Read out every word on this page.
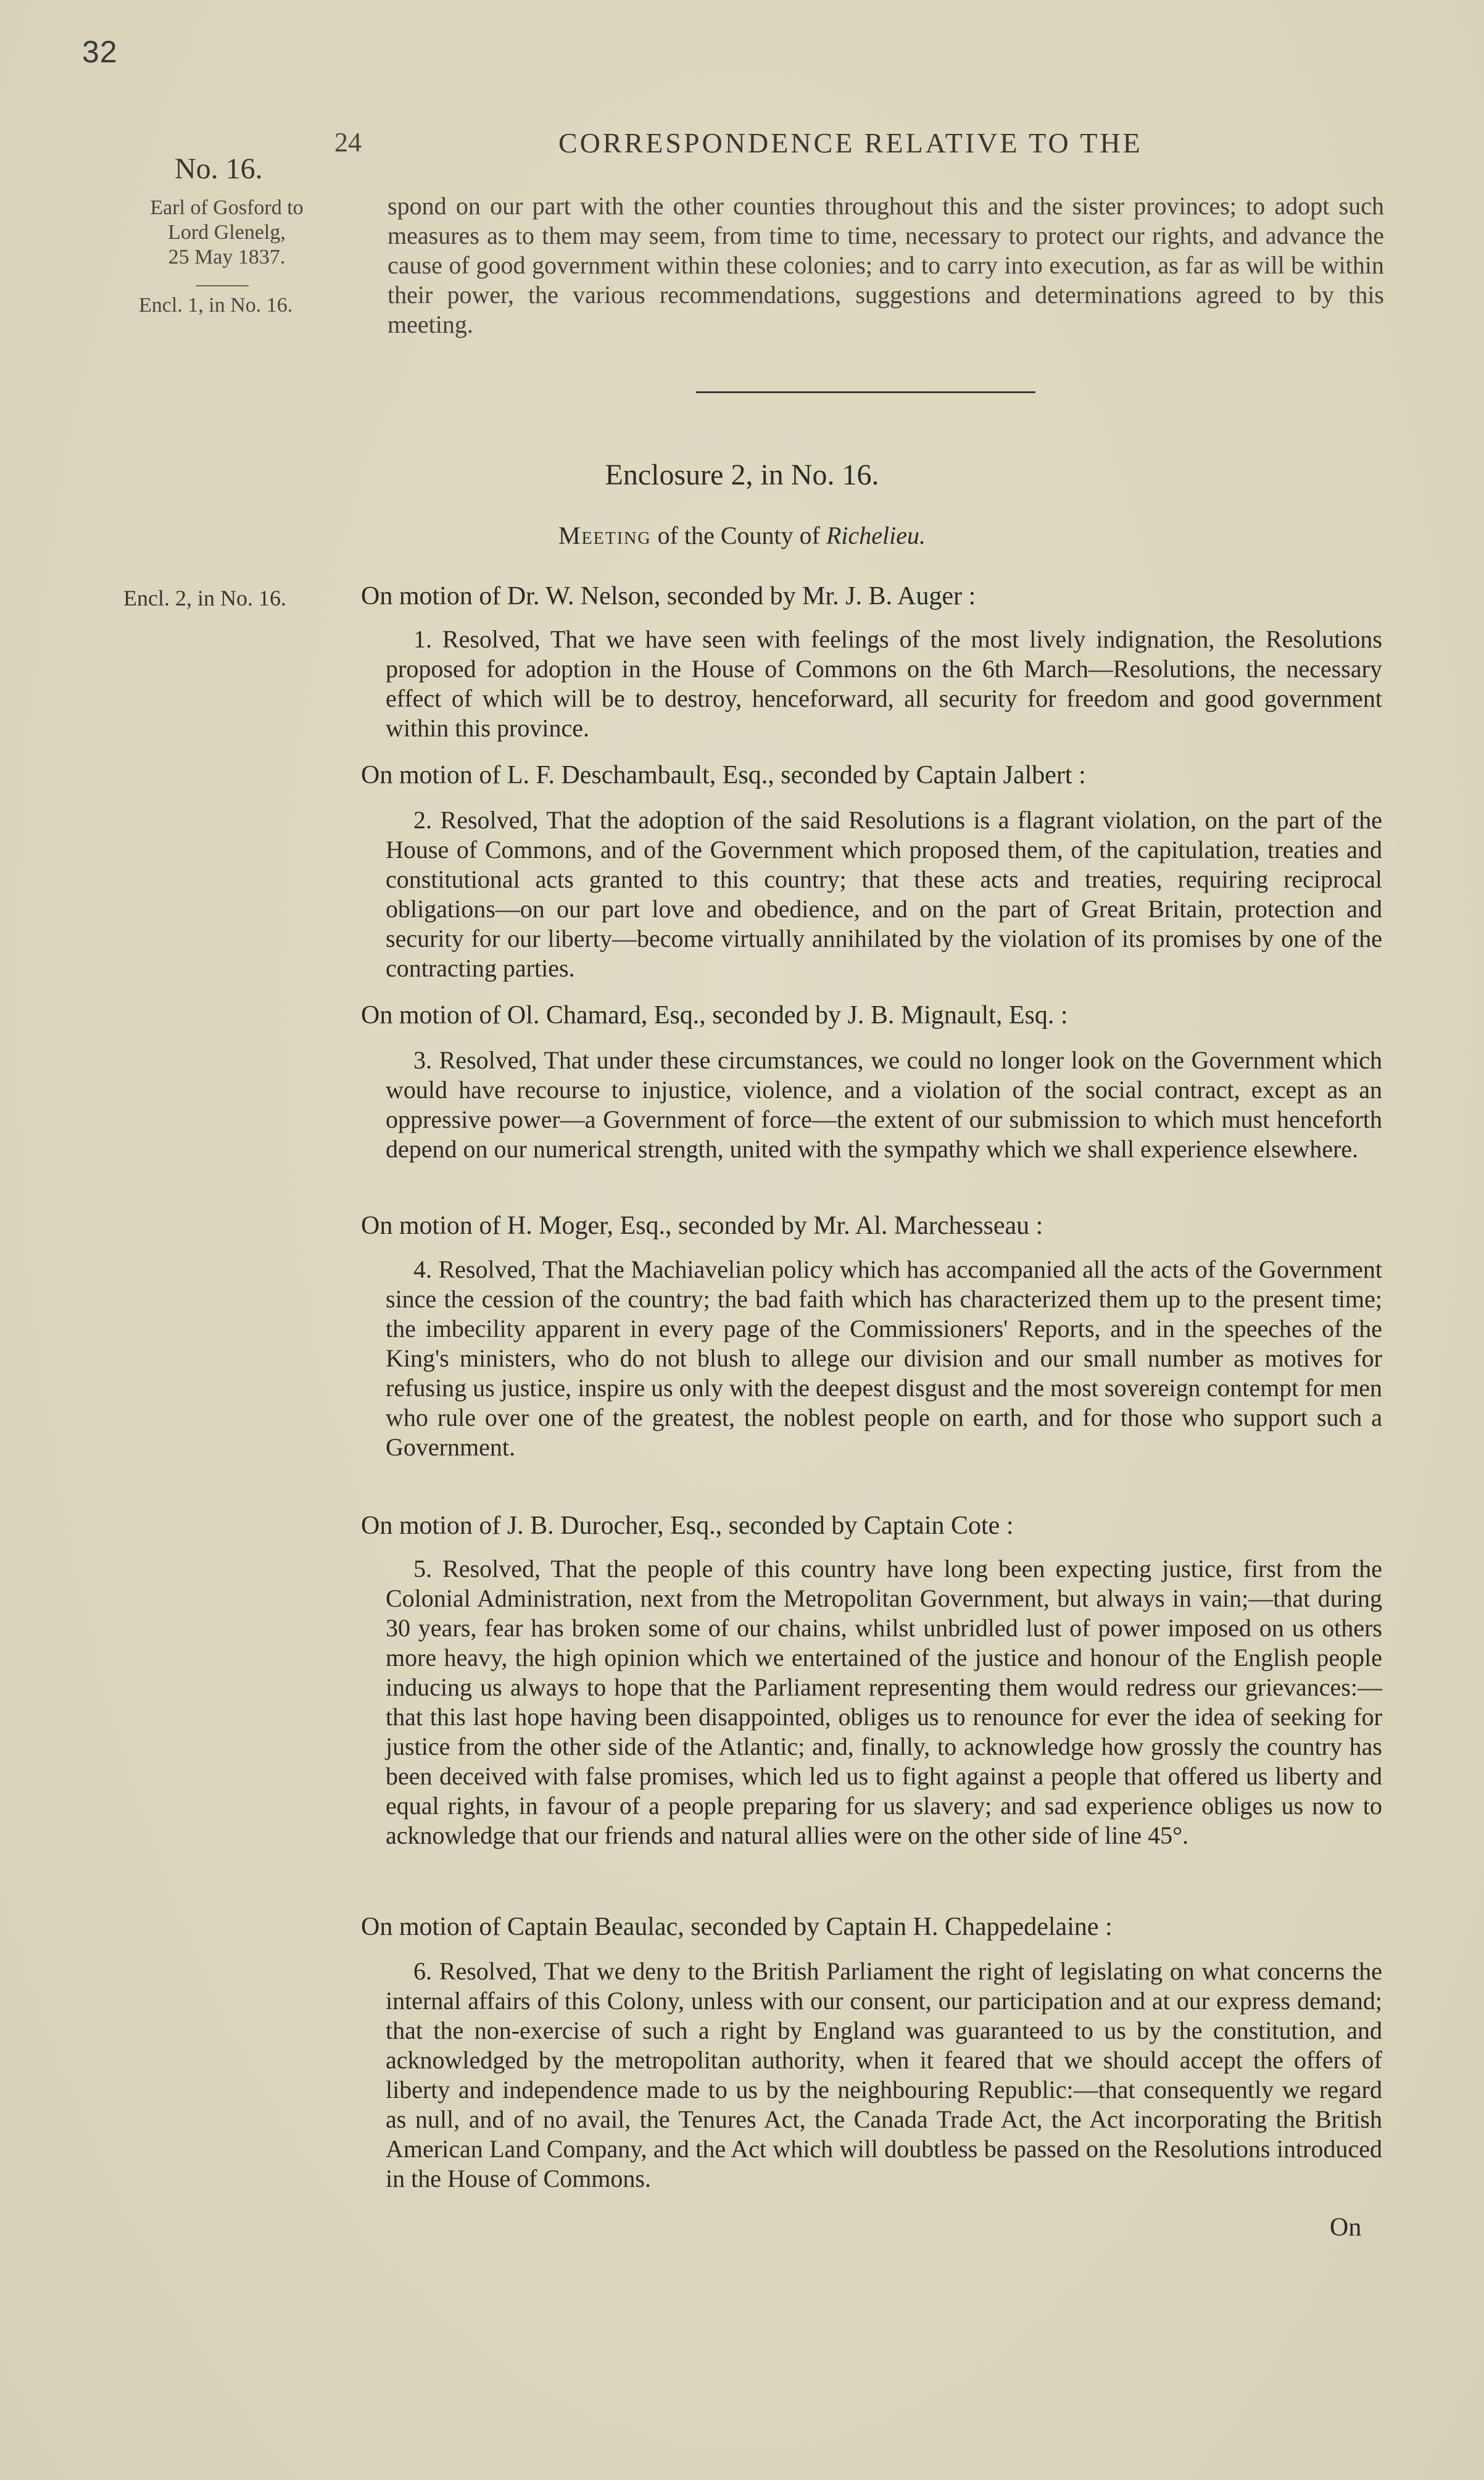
32
24	CORRESPONDENCE RELATIVE TO THE
No. 16.
Earl of Gosford to
Lord Glenelg,
25 May 1837.
Encl. 1, in No. 16.
Encl. 2, in No. 16.
spond on our part with the other counties throughout this and the sister provinces; to adopt such measures as to them may seem, from time to time, necessary to protect our rights, and advance the cause of good government within these colonies; and to carry into execution, as far as will be within their power, the various recommendations, suggestions and determinations agreed to by this meeting.
Enclosure 2, in No. 16.
Meeting of the County of Richelieu.
On motion of Dr. W. Nelson, seconded by Mr. J. B. Auger :
1. Resolved, That we have seen with feelings of the most lively indignation, the Resolutions proposed for adoption in the House of Commons on the 6th March—Resolutions, the necessary effect of which will be to destroy, henceforward, all security for freedom and good government within this province.
On motion of L. F. Deschambault, Esq., seconded by Captain Jalbert :
2. Resolved, That the adoption of the said Resolutions is a flagrant violation, on the part of the House of Commons, and of the Government which proposed them, of the capitulation, treaties and constitutional acts granted to this country; that these acts and treaties, requiring reciprocal obligations—on our part love and obedience, and on the part of Great Britain, protection and security for our liberty—become virtually annihilated by the violation of its promises by one of the contracting parties.
On motion of Ol. Chamard, Esq., seconded by J. B. Mignault, Esq. :
3. Resolved, That under these circumstances, we could no longer look on the Government which would have recourse to injustice, violence, and a violation of the social contract, except as an oppressive power—a Government of force—the extent of our submission to which must henceforth depend on our numerical strength, united with the sympathy which we shall experience elsewhere.
On motion of H. Moger, Esq., seconded by Mr. Al. Marchesseau :
4. Resolved, That the Machiavelian policy which has accompanied all the acts of the Government since the cession of the country; the bad faith which has characterized them up to the present time; the imbecility apparent in every page of the Commissioners' Reports, and in the speeches of the King's ministers, who do not blush to allege our division and our small number as motives for refusing us justice, inspire us only with the deepest disgust and the most sovereign contempt for men who rule over one of the greatest, the noblest people on earth, and for those who support such a Government.
On motion of J. B. Durocher, Esq., seconded by Captain Cote :
5. Resolved, That the people of this country have long been expecting justice, first from the Colonial Administration, next from the Metropolitan Government, but always in vain;—that during 30 years, fear has broken some of our chains, whilst unbridled lust of power imposed on us others more heavy, the high opinion which we entertained of the justice and honour of the English people inducing us always to hope that the Parliament representing them would redress our grievances:—that this last hope having been disappointed, obliges us to renounce for ever the idea of seeking for justice from the other side of the Atlantic; and, finally, to acknowledge how grossly the country has been deceived with false promises, which led us to fight against a people that offered us liberty and equal rights, in favour of a people preparing for us slavery; and sad experience obliges us now to acknowledge that our friends and natural allies were on the other side of line 45°.
On motion of Captain Beaulac, seconded by Captain H. Chappedelaine :
6. Resolved, That we deny to the British Parliament the right of legislating on what concerns the internal affairs of this Colony, unless with our consent, our participation and at our express demand; that the non-exercise of such a right by England was guaranteed to us by the constitution, and acknowledged by the metropolitan authority, when it feared that we should accept the offers of liberty and independence made to us by the neighbouring Republic:—that consequently we regard as null, and of no avail, the Tenures Act, the Canada Trade Act, the Act incorporating the British American Land Company, and the Act which will doubtless be passed on the Resolutions introduced in the House of Commons.
On
